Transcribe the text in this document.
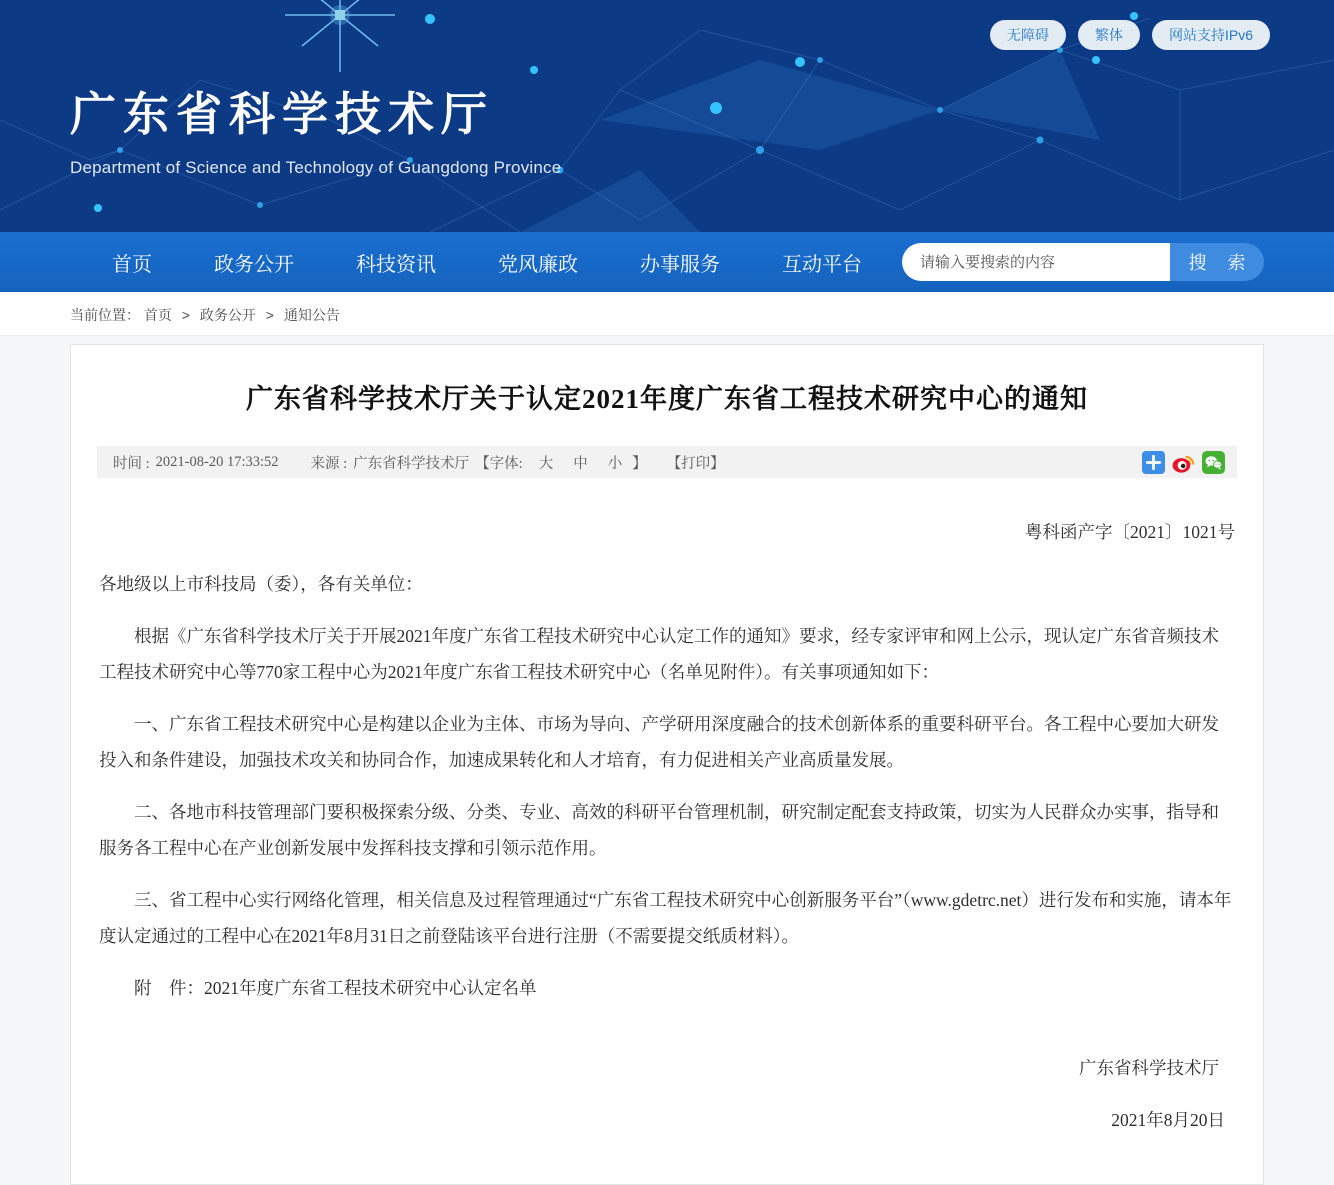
无障碍	繁体	网站支持IPv6
广东省科学技术厅
Department of Science and Technology of Guangdong Province
首页	政务公开	科技资讯	党风廉政	办事服务	互动平台
请输入要搜索的内容	搜 索
当前位置： 首页 > 政务公开 > 通知公告
广东省科学技术厅关于认定2021年度广东省工程技术研究中心的通知
时间 : 2021-08-20 17:33:52 来源 : 广东省科学技术厅 【字体: 大 中 小 】 【打印】

粤科函产字〔2021〕1021号

各地级以上市科技局（委），各有关单位：

根据《广东省科学技术厅关于开展2021年度广东省工程技术研究中心认定工作的通知》要求，经专家评审和网上公示，现认定广东省音频技术工程技术研究中心等770家工程中心为2021年度广东省工程技术研究中心（名单见附件）。有关事项通知如下：

一、广东省工程技术研究中心是构建以企业为主体、市场为导向、产学研用深度融合的技术创新体系的重要科研平台。各工程中心要加大研发投入和条件建设，加强技术攻关和协同合作，加速成果转化和人才培育，有力促进相关产业高质量发展。

二、各地市科技管理部门要积极探索分级、分类、专业、高效的科研平台管理机制，研究制定配套支持政策，切实为人民群众办实事，指导和服务各工程中心在产业创新发展中发挥科技支撑和引领示范作用。

三、省工程中心实行网络化管理，相关信息及过程管理通过“广东省工程技术研究中心创新服务平台”（www.gdetrc.net）进行发布和实施，请本年度认定通过的工程中心在2021年8月31日之前登陆该平台进行注册（不需要提交纸质材料）。

附　件：2021年度广东省工程技术研究中心认定名单

广东省科学技术厅

2021年8月20日
